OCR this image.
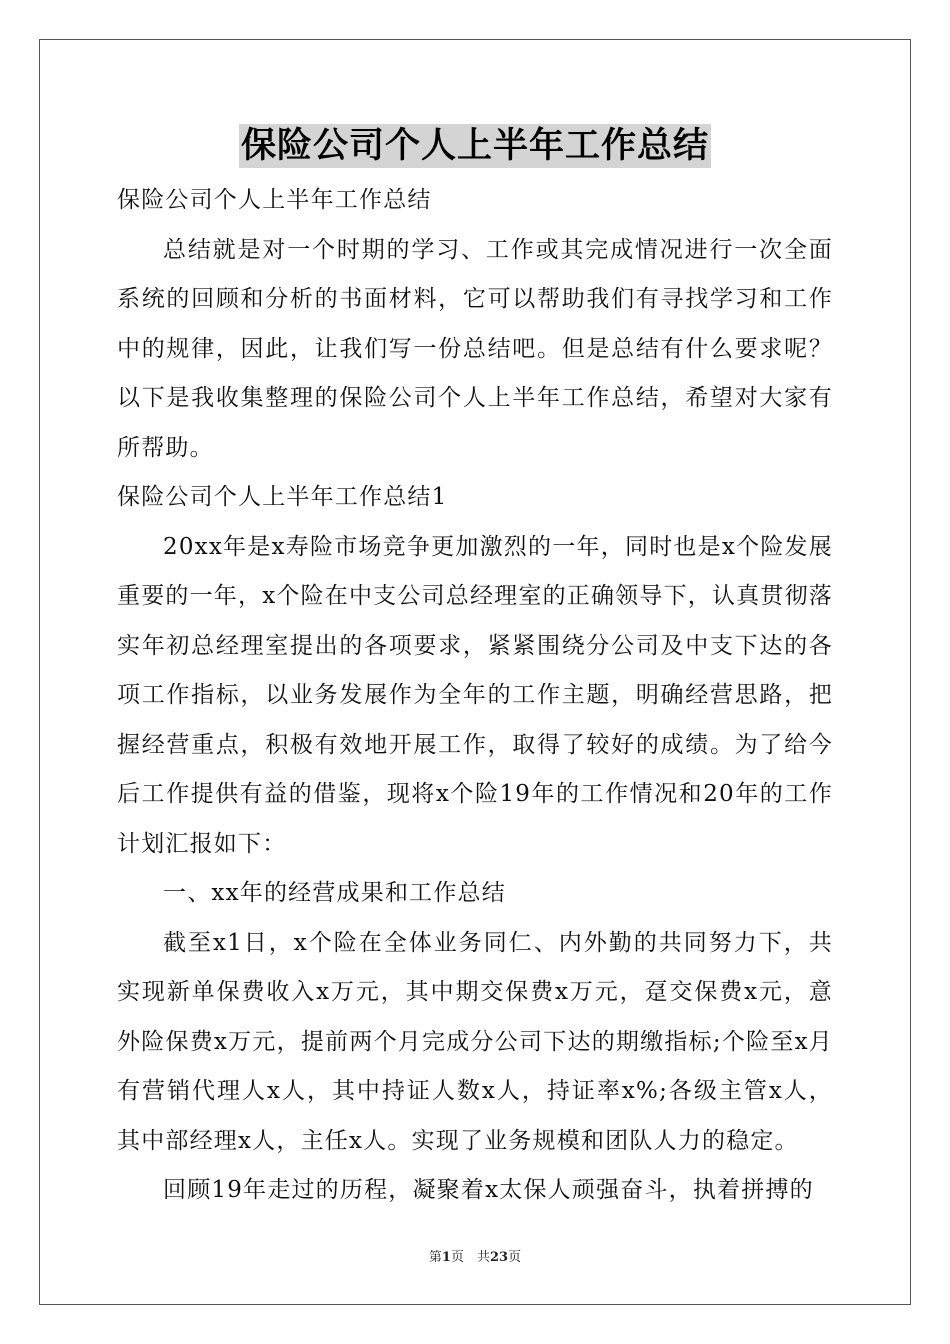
保险公司个人上半年工作总结

保险公司个人上半年工作总结

总结就是对一个时期的学习、工作或其完成情况进行一次全面系统的回顾和分析的书面材料，它可以帮助我们有寻找学习和工作中的规律，因此，让我们写一份总结吧。但是总结有什么要求呢？以下是我收集整理的保险公司个人上半年工作总结，希望对大家有所帮助。

保险公司个人上半年工作总结1

20xx年是x寿险市场竞争更加激烈的一年，同时也是x个险发展重要的一年，x个险在中支公司总经理室的正确领导下，认真贯彻落实年初总经理室提出的各项要求，紧紧围绕分公司及中支下达的各项工作指标，以业务发展作为全年的工作主题，明确经营思路，把握经营重点，积极有效地开展工作，取得了较好的成绩。为了给今后工作提供有益的借鉴，现将x个险19年的工作情况和20年的工作计划汇报如下：

一、xx年的经营成果和工作总结

截至x1日，x个险在全体业务同仁、内外勤的共同努力下，共实现新单保费收入x万元，其中期交保费x万元，趸交保费x元，意外险保费x万元，提前两个月完成分公司下达的期缴指标;个险至x月有营销代理人x人，其中持证人数x人，持证率x%;各级主管x人，其中部经理x人，主任x人。实现了业务规模和团队人力的稳定。

回顾19年走过的历程，凝聚着x太保人顽强奋斗，执着拼搏的

第1页　共23页
